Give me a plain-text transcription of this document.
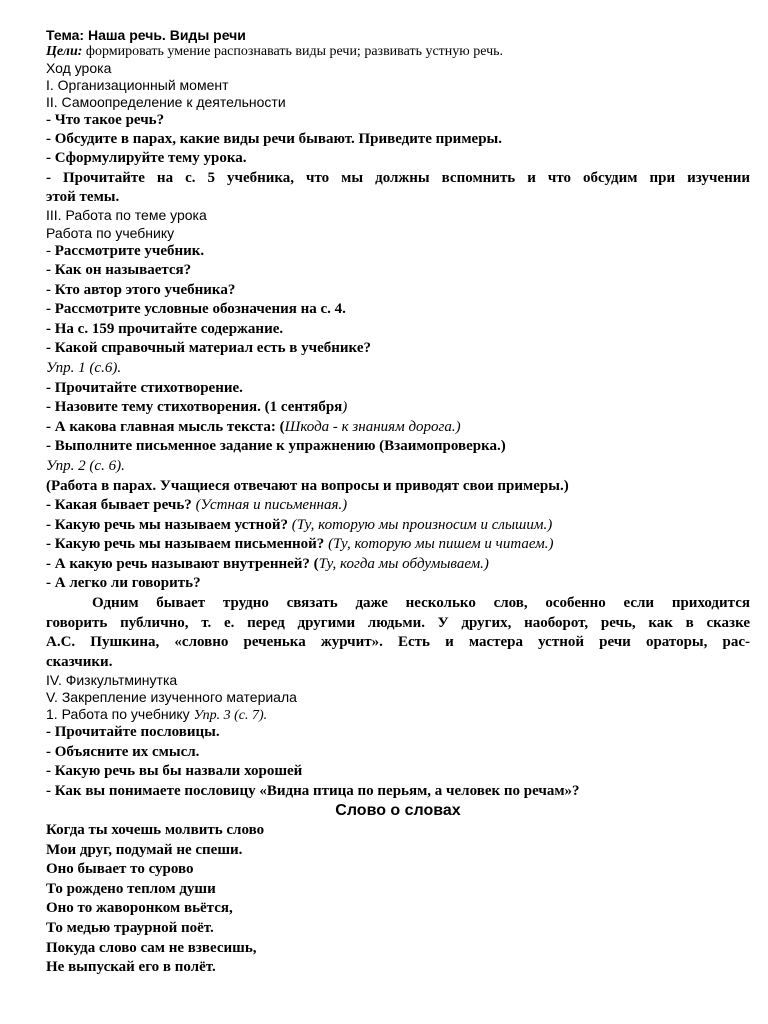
Тема: Наша речь. Виды речи
Цели: формировать умение распознавать виды речи; развивать устную речь.
Ход урока
I. Организационный момент
II. Самоопределение к деятельности
- Что такое речь?
- Обсудите в парах, какие виды речи бывают. Приведите примеры.
- Сформулируйте тему урока.
- Прочитайте на с. 5 учебника, что мы должны вспомнить и что обсудим при изучении
этой темы.
III. Работа по теме урока
Работа по учебнику
- Рассмотрите учебник.
- Как он называется?
- Кто автор этого учебника?
- Рассмотрите условные обозначения на с. 4.
- На с. 159 прочитайте содержание.
- Какой справочный материал есть в учебнике?
Упр. 1 (с.6).
- Прочитайте стихотворение.
- Назовите тему стихотворения. (1 сентября)
- А какова главная мысль текста: (Шкода - к знаниям дорога.)
- Выполните письменное задание к упражнению (Взаимопроверка.)
Упр. 2 (с. 6).
(Работа в парах. Учащиеся отвечают на вопросы и приводят свои примеры.)
- Какая бывает речь? (Устная и письменная.)
- Какую речь мы называем устной? (Ту, которую мы произносим и слышим.)
- Какую речь мы называем письменной? (Ту, которую мы пишем и читаем.)
- А какую речь называют внутренней? (Ту, когда мы обдумываем.)
- А легко ли говорить?
Одним бывает трудно связать даже несколько слов, особенно если приходится
говорить публично, т. е. перед другими людьми. У других, наоборот, речь, как в сказке
А.С. Пушкина, «словно реченька журчит». Есть и мастера устной речи ораторы, рас-
сказчики.
IV. Физкультминутка
V. Закрепление изученного материала
1. Работа по учебнику Упр. 3 (с. 7).
- Прочитайте пословицы.
- Объясните их смысл.
- Какую речь вы бы назвали хорошей
- Как вы понимаете пословицу «Видна птица по перьям, а человек по речам»?
Слово о словах
Когда ты хочешь молвить слово
Мои друг, подумай не спеши.
Оно бывает то сурово
То рождено теплом души
Оно то жаворонком вьётся,
То медью траурной поёт.
Покуда слово сам не взвесишь,
Не выпускай его в полёт.
